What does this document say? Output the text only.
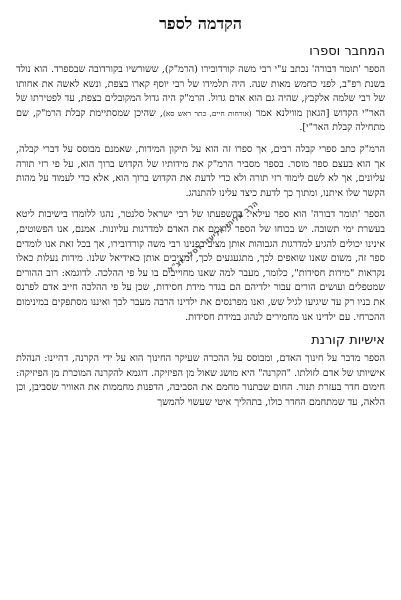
הקדמה לספר
המחבר וספרו

הספר 'תומר דבורה' נכתב ע"י רבי משה קורדובירו (הרמ"ק), ששורשיו בקורדובה שבספרד. הוא נולד בשנת רפ"ב, לפני כחמש מאות שנה. היה תלמידו של רבי יוסף קארו בצפת, ונשא לאשה את אחותו של רבי שלמה אלקבץ, שהיה גם הוא אדם גדול. הרמ"ק היה גדול המקובלים בצפת, עד לפטירתו של האר"י הקדוש [הגאון מווילנא אמר (אורחות חיים, כתר ראש סא), שהיכן שמסתיימת קבלת הרמ"ק, שם מתחילה קבלת האר"י].

הרמ"ק כתב ספרי קבלה רבים, אך ספרו זה הוא על תיקון המידות, שאמנם מבוסס על דברי קבלה, אך הוא בעצם ספר מוסר. בספר מסביר הרמ"ק את מידותיו של הקדוש ברוך הוא, על פי רזי תורה עליונים, אך לא לשם לימוד רזי תורה ולא כדי לדעת את הקדוש ברוך הוא, אלא כדי לעמוד על מהות הקשר שלו איתנו, ומתוך כך לדעת כיצד עלינו להתנהג.

הספר 'תומר דבורה' הוא ספר עילאי. בהשפעתו של רבי ישראל סלנטר, נהגו ללומדו בישיבות ליטא בעשרת ימי תשובה. יש בכוחו של הספר לרומם את האדם למדרגות עליונות. אמנם, אנו הפשוטים, אינינו יכולים להגיע למדרגות הגבוהות אותן מציב בפנינו רבי משה קורדובירו, אך בכל זאת אנו לומדים ספר זה, משום שאנו שואפים לכך, מתגעגעים לכך, ומציבים אותן כאידיאל שלנו. מידות נעלות כאלו נקראות "מידות חסידות", כלומר, מעבר למה שאנו מחוייבים בו על פי ההלכה. לדוגמא: רוב ההורים שמטפלים ועושים הורים עבור ילדיהם הם בגדר מידת חסידות, שכן על פי ההלכה חייב אדם לפרנס את בניו רק עד שיגיעו לגיל שש, ואנו מפרנסים את ילדינו הרבה מעבר לכך ואיננו מסתפקים במינימום ההכרחי. עם ילדינו אנו מחמירים לנהוג במידת חסידות.

אישיות קורנת

הספר מדבר על חינוך האדם, ומבוסס על ההכרה שעיקר החינוך הוא על ידי הקרנה, דהיינו: הנהלת אישיותו של אדם לזולתו. "הקרנה" היא מושג שאול מן הפיזיקה. דוגמא להקרנה המוכרת מן הפיזיקה: חימום חדר בעזרת תנור. החום שבתנור מחמם את הסביבה, הדפנות מחממות את האוויר שסביבן, וכן הלאה, עד שמתחמם החדר כולו, בתהליך איטי שעשוי להמשך

הרב אליהו אליעזר דסלר זצ"ל
